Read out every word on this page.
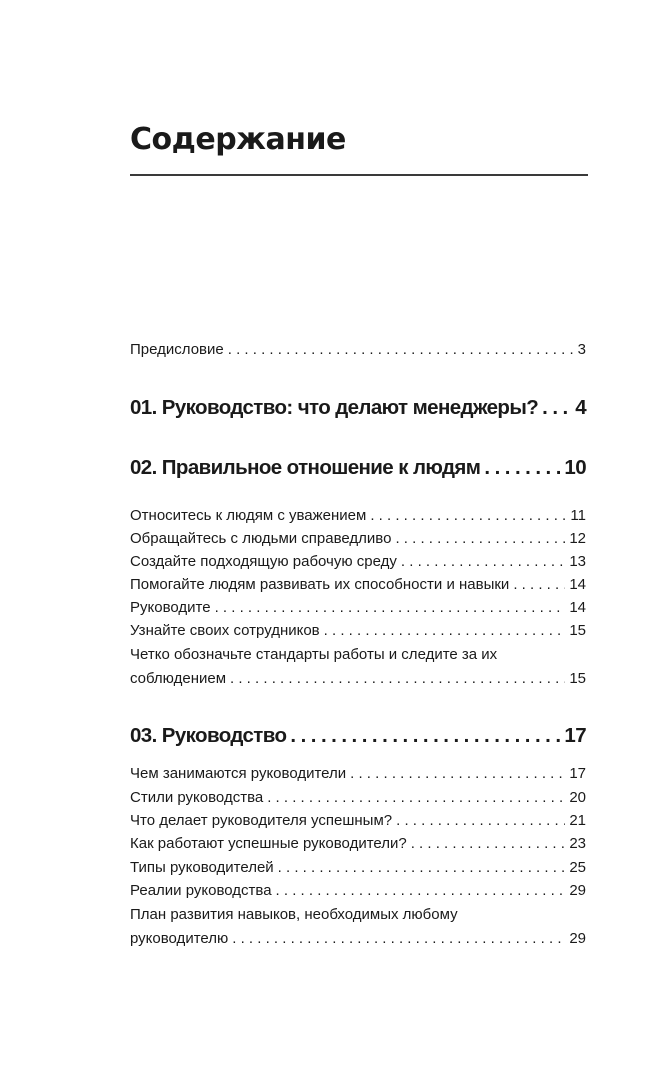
Содержание
Предисловие . . .	3
01. Руководство: что делают менеджеры? . . . 4
02. Правильное отношение к людям . . .	10
Относитесь к людям с уважением . . .	11
Обращайтесь с людьми справедливо . . .	12
Создайте подходящую рабочую среду . . .	13
Помогайте людям развивать их способности и навыки . . .	14
Руководите . . .	14
Узнайте своих сотрудников . . .	15
Четко обозначьте стандарты работы и следите за их
соблюдением . . .	15
03. Руководство . . .	17
Чем занимаются руководители . . .	17
Стили руководства . . .	20
Что делает руководителя успешным? . . .	21
Как работают успешные руководители? . . .	23
Типы руководителей . . .	25
Реалии руководства . . .	29
План развития навыков, необходимых любому
руководителю . . .	29
